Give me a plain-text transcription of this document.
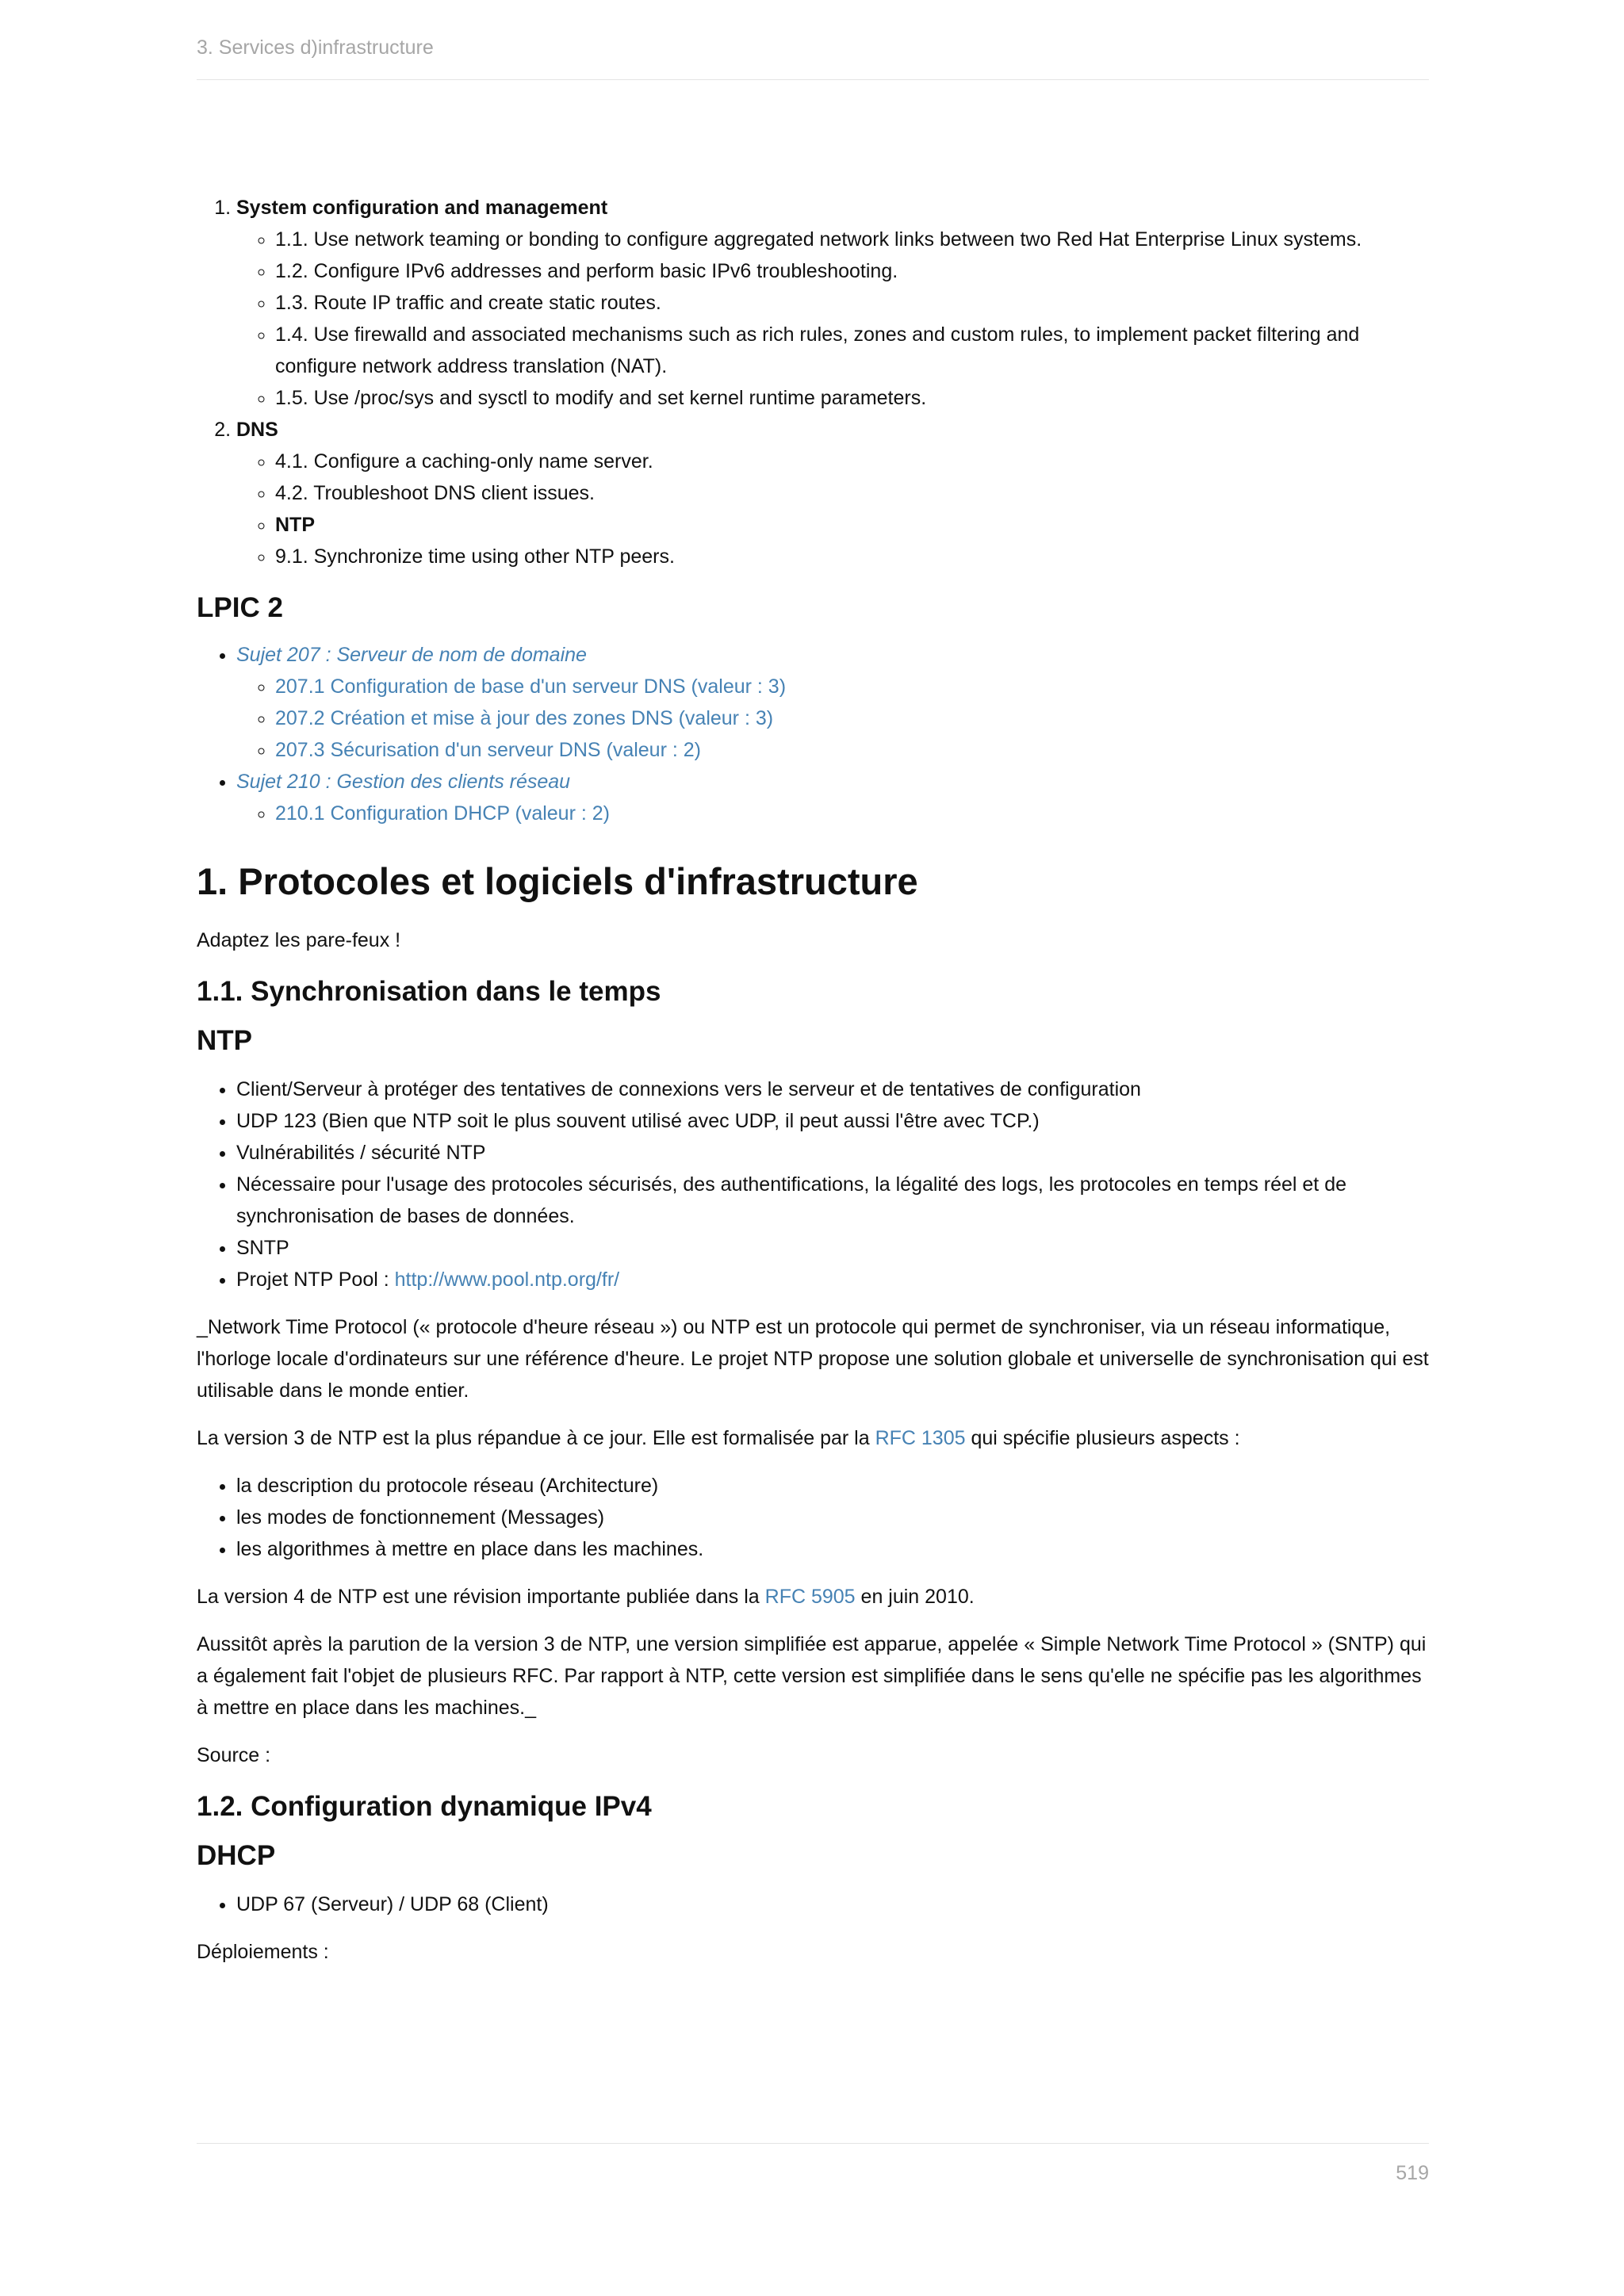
3. Services d)infrastructure
1. System configuration and management
◦ 1.1. Use network teaming or bonding to configure aggregated network links between two Red Hat Enterprise Linux systems.
◦ 1.2. Configure IPv6 addresses and perform basic IPv6 troubleshooting.
◦ 1.3. Route IP traffic and create static routes.
◦ 1.4. Use firewalld and associated mechanisms such as rich rules, zones and custom rules, to implement packet filtering and configure network address translation (NAT).
◦ 1.5. Use /proc/sys and sysctl to modify and set kernel runtime parameters.
2. DNS
◦ 4.1. Configure a caching-only name server.
◦ 4.2. Troubleshoot DNS client issues.
◦ NTP
◦ 9.1. Synchronize time using other NTP peers.
LPIC 2
• Sujet 207 : Serveur de nom de domaine
◦ 207.1 Configuration de base d'un serveur DNS (valeur : 3)
◦ 207.2 Création et mise à jour des zones DNS (valeur : 3)
◦ 207.3 Sécurisation d'un serveur DNS (valeur : 2)
• Sujet 210 : Gestion des clients réseau
◦ 210.1 Configuration DHCP (valeur : 2)
1. Protocoles et logiciels d'infrastructure

Adaptez les pare-feux !

1.1. Synchronisation dans le temps
NTP
• Client/Serveur à protéger des tentatives de connexions vers le serveur et de tentatives de configuration
• UDP 123 (Bien que NTP soit le plus souvent utilisé avec UDP, il peut aussi l'être avec TCP.)
• Vulnérabilités / sécurité NTP
• Nécessaire pour l'usage des protocoles sécurisés, des authentifications, la légalité des logs, les protocoles en temps réel et de synchronisation de bases de données.
• SNTP
• Projet NTP Pool : http://www.pool.ntp.org/fr/

_Network Time Protocol (« protocole d'heure réseau ») ou NTP est un protocole qui permet de synchroniser, via un réseau informatique, l'horloge locale d'ordinateurs sur une référence d'heure. Le projet NTP propose une solution globale et universelle de synchronisation qui est utilisable dans le monde entier.

La version 3 de NTP est la plus répandue à ce jour. Elle est formalisée par la RFC 1305 qui spécifie plusieurs aspects :

• la description du protocole réseau (Architecture)
• les modes de fonctionnement (Messages)
• les algorithmes à mettre en place dans les machines.

La version 4 de NTP est une révision importante publiée dans la RFC 5905 en juin 2010.

Aussitôt après la parution de la version 3 de NTP, une version simplifiée est apparue, appelée « Simple Network Time Protocol » (SNTP) qui a également fait l'objet de plusieurs RFC. Par rapport à NTP, cette version est simplifiée dans le sens qu'elle ne spécifie pas les algorithmes à mettre en place dans les machines._

Source :

1.2. Configuration dynamique IPv4
DHCP
• UDP 67 (Serveur) / UDP 68 (Client)

Déploiements :

519
